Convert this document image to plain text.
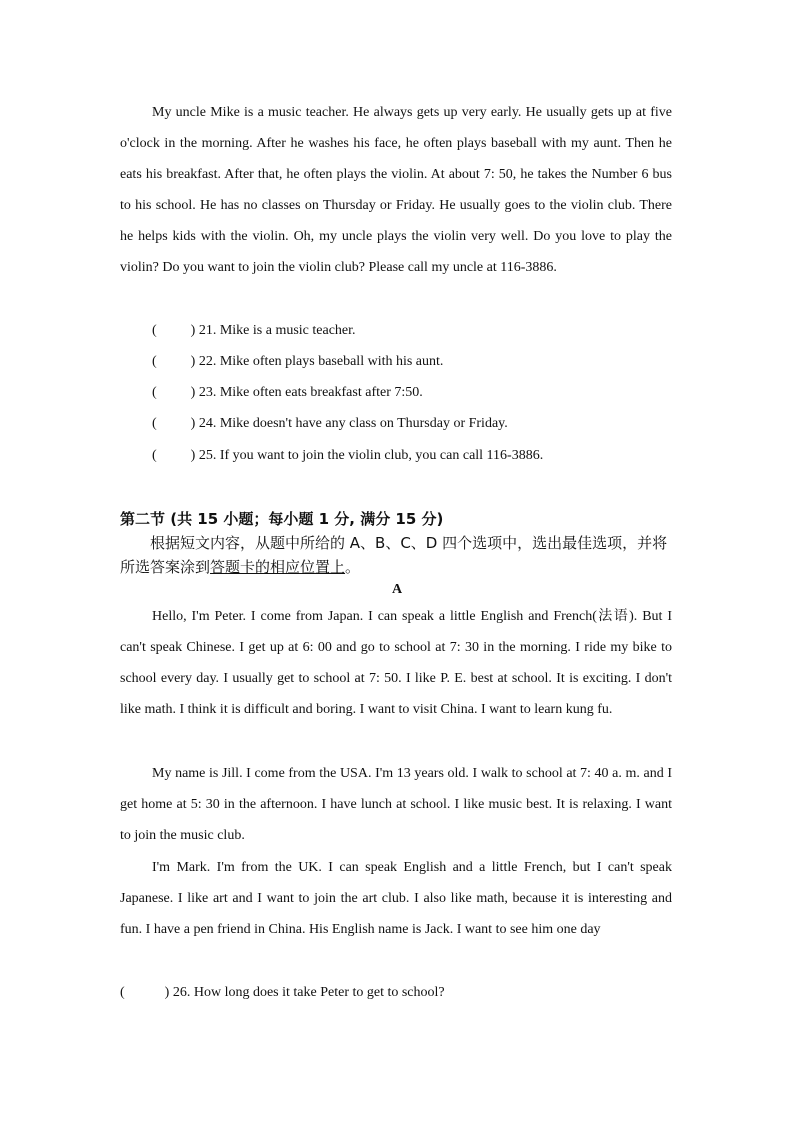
My uncle Mike is a music teacher. He always gets up very early. He usually gets up at five o'clock in the morning. After he washes his face, he often plays baseball with my aunt. Then he eats his breakfast. After that, he often plays the violin. At about 7: 50, he takes the Number 6 bus to his school. He has no classes on Thursday or Friday. He usually goes to the violin club. There he helps kids with the violin. Oh, my uncle plays the violin very well. Do you love to play the violin? Do you want to join the violin club? Please call my uncle at 116-3886.

( ) 21. Mike is a music teacher.
( ) 22. Mike often plays baseball with his aunt.
( ) 23. Mike often eats breakfast after 7:50.
( ) 24. Mike doesn't have any class on Thursday or Friday.
( ) 25. If you want to join the violin club, you can call 116-3886.
第二节 (共 15 小题；每小题 1 分, 满分 15 分)

根据短文内容，从题中所给的 A、B、C、D 四个选项中，选出最佳选项，并将所选答案涂到答题卡的相应位置上。

A

Hello, I'm Peter. I come from Japan. I can speak a little English and French(法语). But I can't speak Chinese. I get up at 6: 00 and go to school at 7: 30 in the morning. I ride my bike to school every day. I usually get to school at 7: 50. I like P. E. best at school. It is exciting. I don't like math. I think it is difficult and boring. I want to visit China. I want to learn kung fu.

My name is Jill. I come from the USA. I'm 13 years old. I walk to school at 7: 40 a. m. and I get home at 5: 30 in the afternoon. I have lunch at school. I like music best. It is relaxing. I want to join the music club.

I'm Mark. I'm from the UK. I can speak English and a little French, but I can't speak Japanese. I like art and I want to join the art club. I also like math, because it is interesting and fun. I have a pen friend in China. His English name is Jack. I want to see him one day

(	) 26. How long does it take Peter to get to school?
